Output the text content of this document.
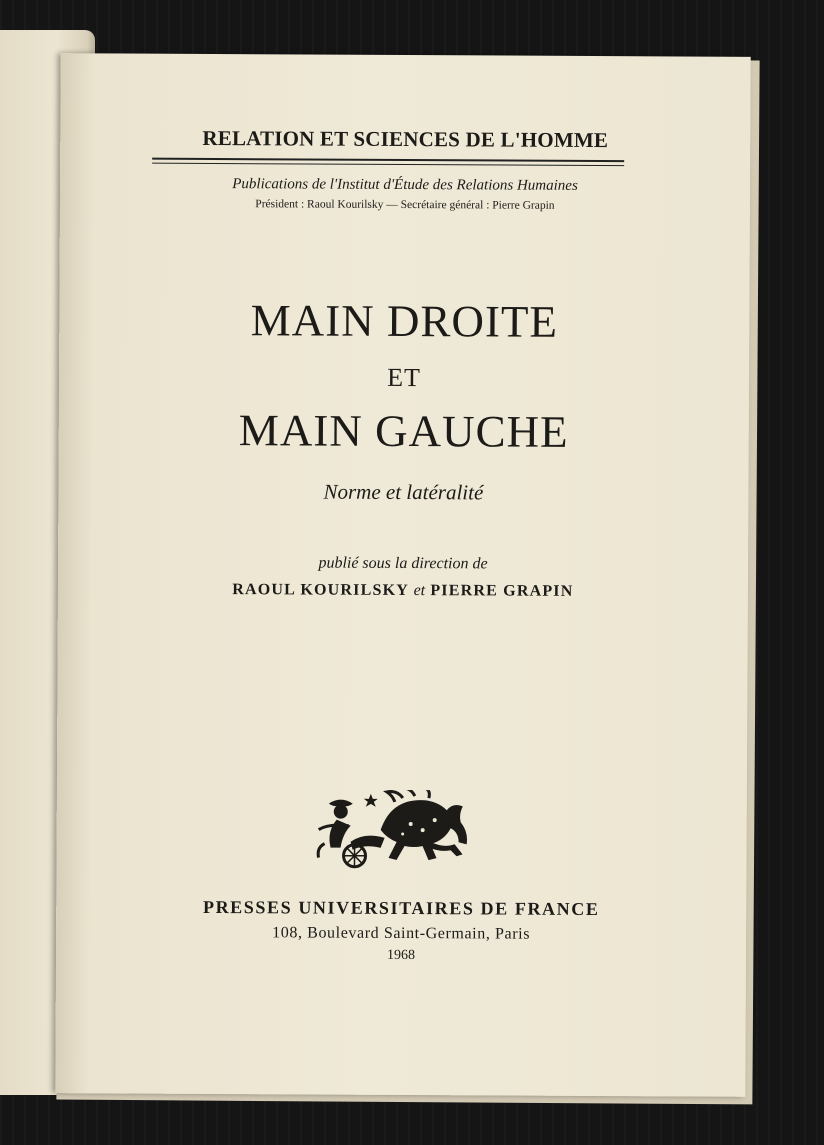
RELATION ET SCIENCES DE L'HOMME
Publications de l'Institut d'Étude des Relations Humaines
Président : Raoul Kourilsky — Secrétaire général : Pierre Grapin
MAIN DROITE
ET
MAIN GAUCHE
Norme et latéralité
publié sous la direction de
RAOUL KOURILSKY et PIERRE GRAPIN
PRESSES UNIVERSITAIRES DE FRANCE
108, Boulevard Saint-Germain, Paris
1968
